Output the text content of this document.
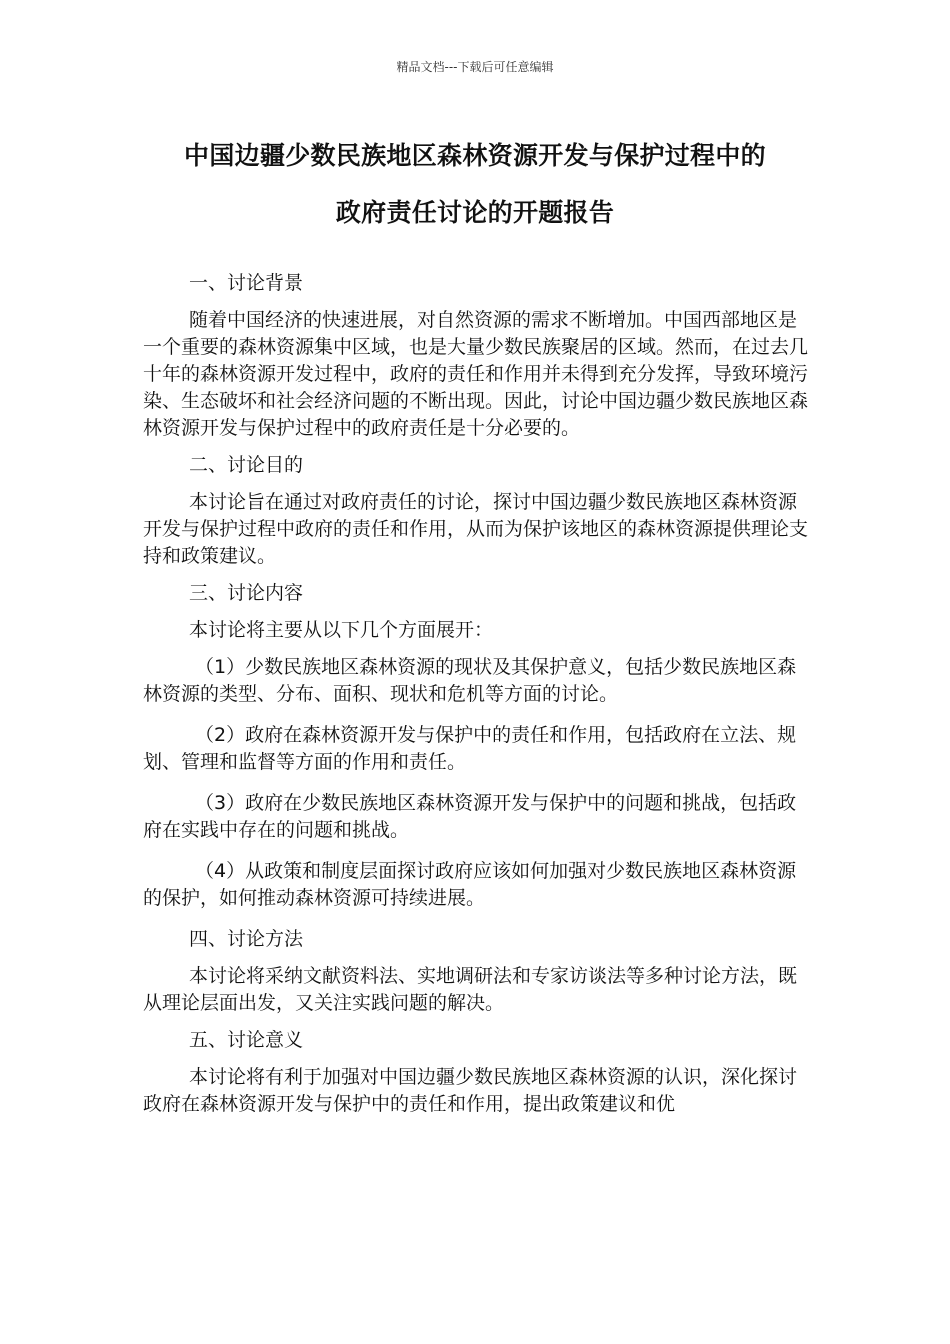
精品文档---下载后可任意编辑
中国边疆少数民族地区森林资源开发与保护过程中的
政府责任讨论的开题报告
一、讨论背景
随着中国经济的快速进展，对自然资源的需求不断增加。中国西部地区是一个重要的森林资源集中区域，也是大量少数民族聚居的区域。然而，在过去几十年的森林资源开发过程中，政府的责任和作用并未得到充分发挥，导致环境污染、生态破坏和社会经济问题的不断出现。因此，讨论中国边疆少数民族地区森林资源开发与保护过程中的政府责任是十分必要的。
二、讨论目的
本讨论旨在通过对政府责任的讨论，探讨中国边疆少数民族地区森林资源开发与保护过程中政府的责任和作用，从而为保护该地区的森林资源提供理论支持和政策建议。
三、讨论内容
本讨论将主要从以下几个方面展开：
（1）少数民族地区森林资源的现状及其保护意义，包括少数民族地区森林资源的类型、分布、面积、现状和危机等方面的讨论。
（2）政府在森林资源开发与保护中的责任和作用，包括政府在立法、规划、管理和监督等方面的作用和责任。
（3）政府在少数民族地区森林资源开发与保护中的问题和挑战，包括政府在实践中存在的问题和挑战。
（4）从政策和制度层面探讨政府应该如何加强对少数民族地区森林资源的保护，如何推动森林资源可持续进展。
四、讨论方法
本讨论将采纳文献资料法、实地调研法和专家访谈法等多种讨论方法，既从理论层面出发，又关注实践问题的解决。
五、讨论意义
本讨论将有利于加强对中国边疆少数民族地区森林资源的认识，深化探讨政府在森林资源开发与保护中的责任和作用，提出政策建议和优
